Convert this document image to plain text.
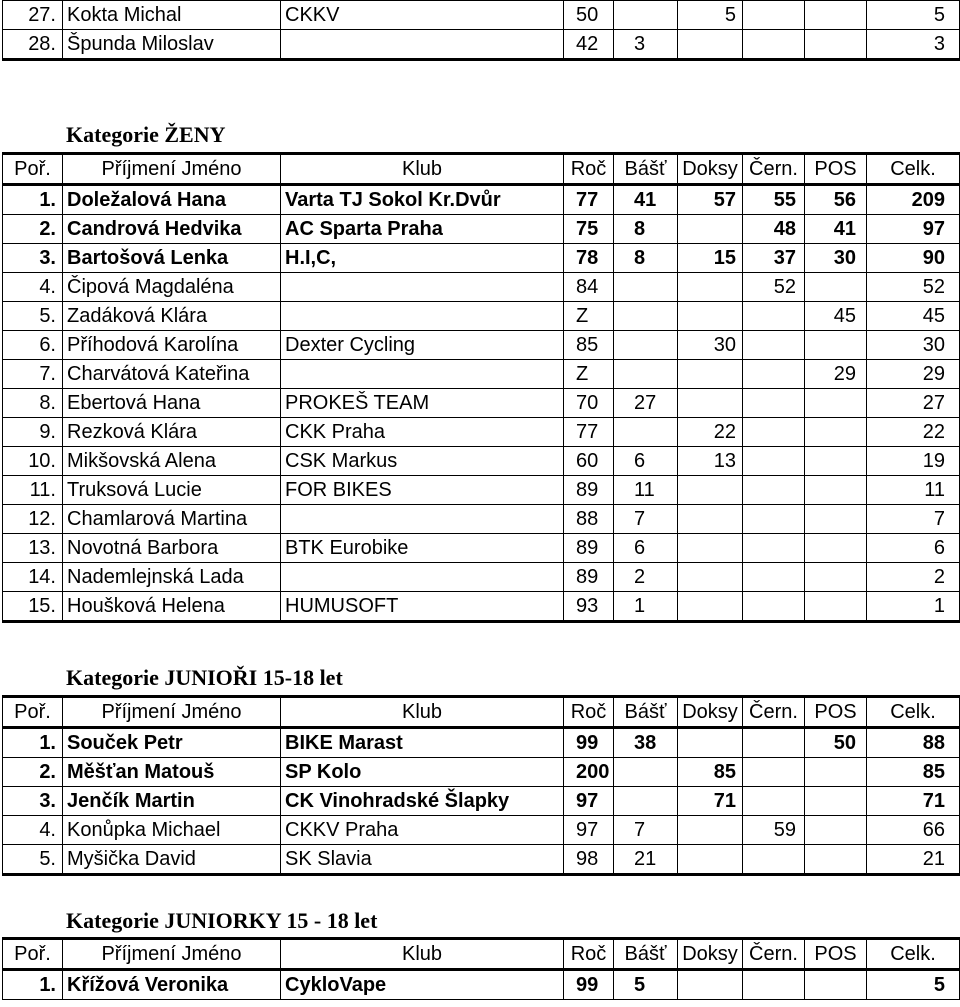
27.	Kokta Michal	CKKV	50		5			5
28.	Špunda Miloslav		42	3				3
Kategorie ŽENY
Poř.	Příjmení Jméno	Klub	Roč	Bášť	Doksy	Čern.	POS	Celk.
1.	Doležalová Hana	Varta TJ Sokol Kr.Dvůr	77	41	57	55	56	209
2.	Candrová Hedvika	AC Sparta Praha	75	8		48	41	97
3.	Bartošová Lenka	H.I,C,	78	8	15	37	30	90
4.	Čipová Magdaléna		84			52		52
5.	Zadáková Klára		Z				45	45
6.	Příhodová Karolína	Dexter Cycling	85		30			30
7.	Charvátová Kateřina		Z				29	29
8.	Ebertová Hana	PROKEŠ TEAM	70	27				27
9.	Rezková Klára	CKK Praha	77		22			22
10.	Mikšovská Alena	CSK Markus	60	6	13			19
11.	Truksová Lucie	FOR BIKES	89	11				11
12.	Chamlarová Martina		88	7				7
13.	Novotná Barbora	BTK Eurobike	89	6				6
14.	Nademlejnská Lada		89	2				2
15.	Houšková Helena	HUMUSOFT	93	1				1
Kategorie JUNIOŘI 15-18 let
Poř.	Příjmení Jméno	Klub	Roč	Bášť	Doksy	Čern.	POS	Celk.
1.	Souček Petr	BIKE Marast	99	38			50	88
2.	Měšťan Matouš	SP Kolo	200		85			85
3.	Jenčík Martin	CK Vinohradské Šlapky	97		71			71
4.	Konůpka Michael	CKKV Praha	97	7		59		66
5.	Myšička David	SK Slavia	98	21				21
Kategorie JUNIORKY 15 - 18 let
Poř.	Příjmení Jméno	Klub	Roč	Bášť	Doksy	Čern.	POS	Celk.
1.	Křížová Veronika	CykloVape	99	5				5
